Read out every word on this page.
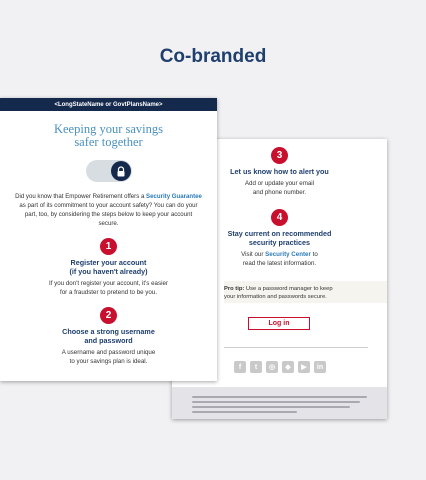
Co-branded
3
Let us know how to alert you
Add or update your email
and phone number.
4
Stay current on recommended
security practices
Visit our Security Center to
read the latest information.
Pro tip: Use a password manager to keep
your information and passwords secure.
Log in
f	t	◎	◆	▶	in
<LongStateName or GovtPlansName>
Keeping your savings
safer together
Did you know that Empower Retirement offers a Security Guarantee as part of its commitment to your account safety? You can do your part, too, by considering the steps below to keep your account secure.
1
Register your account
(if you haven't already)
If you don't register your account, it's easier
for a fraudster to pretend to be you.
2
Choose a strong username
and password
A username and password unique
to your savings plan is ideal.
